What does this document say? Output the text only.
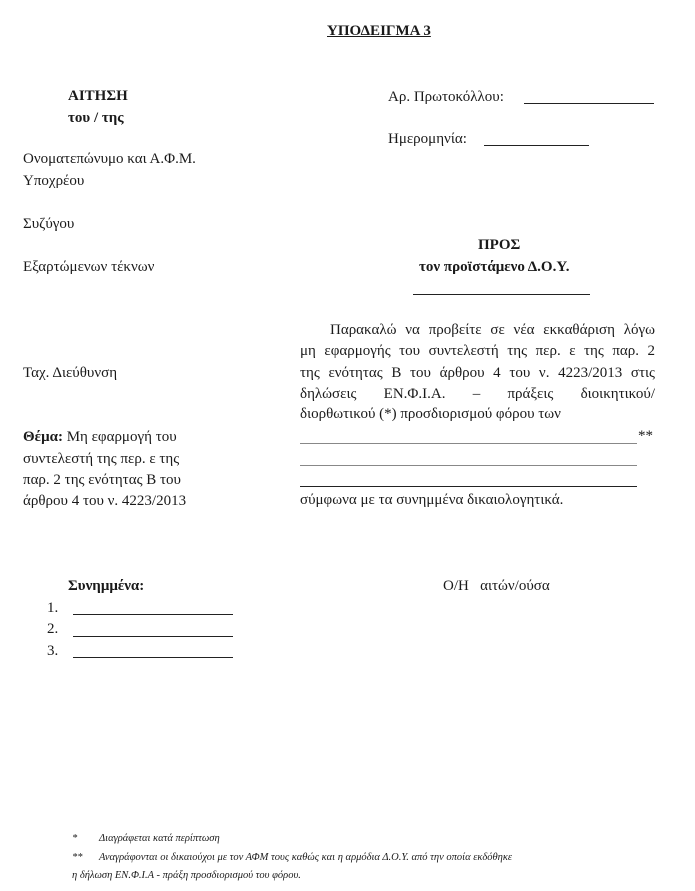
ΥΠΟΔΕΙΓΜΑ 3
ΑΙΤΗΣΗ
του / της
Ονοματεπώνυμο και Α.Φ.Μ.
Υποχρέου
Συζύγου
Εξαρτώμενων τέκνων
Ταχ. Διεύθυνση
Θέμα: Μη εφαρμογή του
συντελεστή της περ. ε της
παρ. 2 της ενότητας Β του
άρθρου 4 του ν. 4223/2013
Αρ. Πρωτοκόλλου:
Ημερομηνία:
ΠΡΟΣ
τον προϊστάμενο Δ.Ο.Υ.
Παρακαλώ να προβείτε σε νέα εκκαθάριση λόγω
μη εφαρμογής του συντελεστή της περ. ε της παρ. 2
της ενότητας Β του άρθρου 4 του ν. 4223/2013 στις
δηλώσεις ΕΝ.Φ.Ι.Α. – πράξεις διοικητικού/
διορθωτικού (*) προσδιορισμού φόρου των
**
σύμφωνα με τα συνημμένα δικαιολογητικά.
Συνημμένα:
1.
2.
3.
Ο/Η   αιτών/ούσα
* Διαγράφεται κατά περίπτωση
** Αναγράφονται οι δικαιούχοι με τον ΑΦΜ τους καθώς και η αρμόδια Δ.Ο.Υ. από την οποία εκδόθηκε
η δήλωση ΕΝ.Φ.Ι.Α - πράξη προσδιορισμού του φόρου.
